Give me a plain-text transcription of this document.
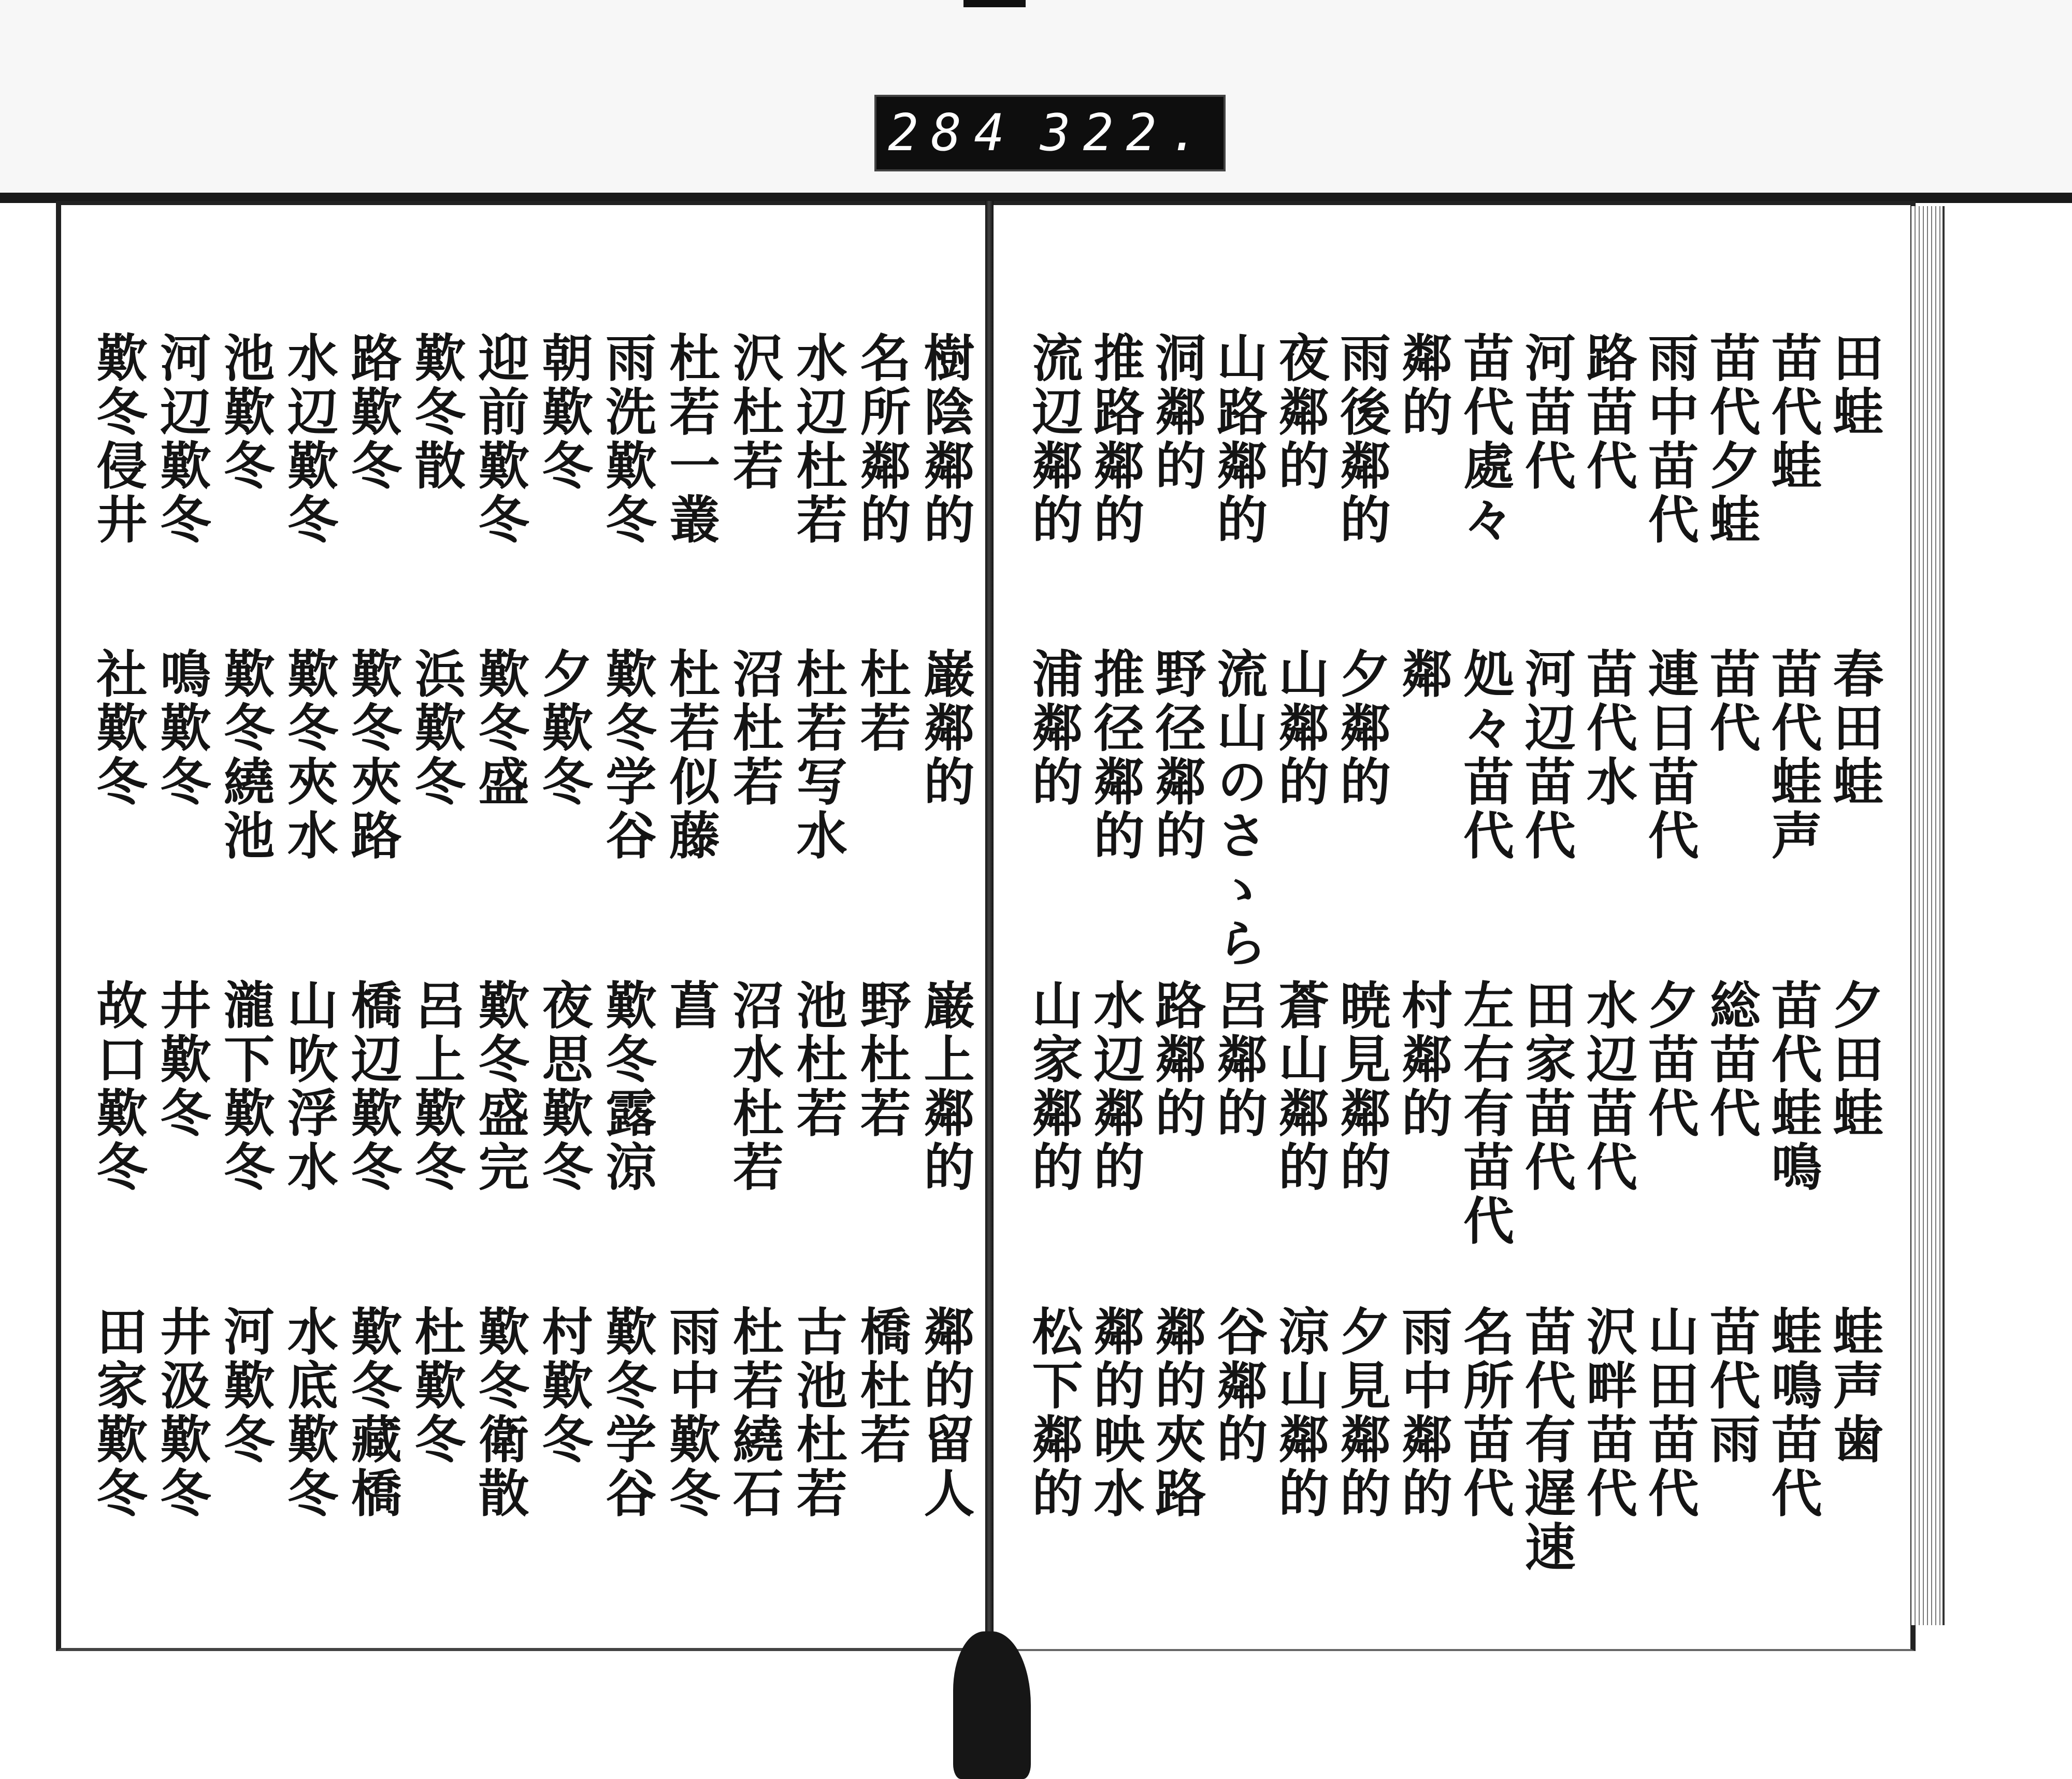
284 322.
田蛙
春田蛙
夕田蛙
蛙声歯
苗代蛙
苗代蛙声
苗代蛙鳴
蛙鳴苗代
苗代夕蛙
苗代
総苗代
苗代雨
雨中苗代
連日苗代
夕苗代
山田苗代
路苗代
苗代水
水辺苗代
沢畔苗代
河苗代
河辺苗代
田家苗代
苗代有遅速
苗代處々
処々苗代
左右有苗代
名所苗代
鄰的
鄰
村鄰的
雨中鄰的
雨後鄰的
夕鄰的
暁見鄰的
夕見鄰的
夜鄰的
山鄰的
蒼山鄰的
涼山鄰的
山路鄰的
流山のさゝら
呂鄰的
谷鄰的
洞鄰的
野径鄰的
路鄰的
鄰的夾路
推路鄰的
推径鄰的
水辺鄰的
鄰的映水
流辺鄰的
浦鄰的
山家鄰的
松下鄰的
樹陰鄰的
巌鄰的
巌上鄰的
鄰的留人
名所鄰的
杜若
野杜若
橋杜若
水辺杜若
杜若写水
池杜若
古池杜若
沢杜若
沼杜若
沼水杜若
杜若繞石
杜若一叢
杜若似藤
菖
雨中歎冬
雨洗歎冬
歎冬学谷
歎冬露涼
歎冬学谷
朝歎冬
夕歎冬
夜思歎冬
村歎冬
迎前歎冬
歎冬盛
歎冬盛完
歎冬衛散
歎冬散
浜歎冬
呂上歎冬
杜歎冬
路歎冬
歎冬夾路
橋辺歎冬
歎冬藏橋
水辺歎冬
歎冬夾水
山吹浮水
水底歎冬
池歎冬
歎冬繞池
瀧下歎冬
河歎冬
河辺歎冬
鳴歎冬
井歎冬
井汲歎冬
歎冬侵井
社歎冬
故口歎冬
田家歎冬
